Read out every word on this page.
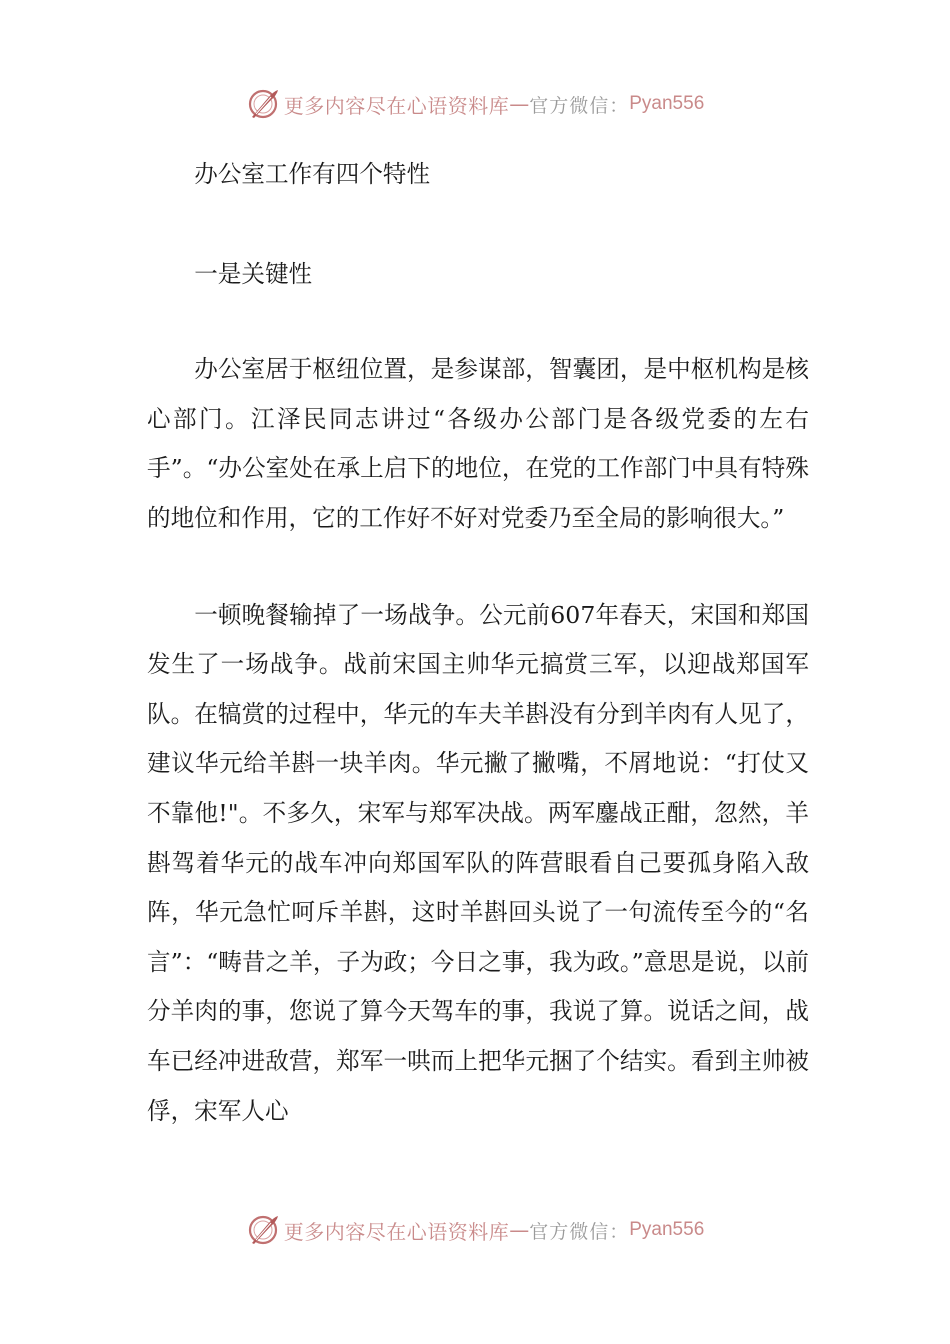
更多内容尽在心语资料库 — 官方微信： Pyan556

办公室工作有四个特性

一是关键性

办公室居于枢纽位置，是参谋部，智囊团，是中枢机构是核心部门。江泽民同志讲过“各级办公部门是各级党委的左右手”。“办公室处在承上启下的地位，在党的工作部门中具有特殊的地位和作用，它的工作好不好对党委乃至全局的影响很大。”

一顿晚餐输掉了一场战争。公元前607年春天，宋国和郑国发生了一场战争。战前宋国主帅华元搞赏三军，以迎战郑国军队。在犒赏的过程中，华元的车夫羊斟没有分到羊肉有人见了，建议华元给羊斟一块羊肉。华元撇了撇嘴，不屑地说：“打仗又不靠他!"。不多久，宋军与郑军决战。两军鏖战正酣，忽然，羊斟驾着华元的战车冲向郑国军队的阵营眼看自己要孤身陷入敌阵，华元急忙呵斥羊斟，这时羊斟回头说了一句流传至今的“名言”：“畴昔之羊，子为政；今日之事，我为政。”意思是说，以前分羊肉的事，您说了算今天驾车的事，我说了算。说话之间，战车已经冲进敌营，郑军一哄而上把华元捆了个结实。看到主帅被俘，宋军人心

更多内容尽在心语资料库 — 官方微信： Pyan556
